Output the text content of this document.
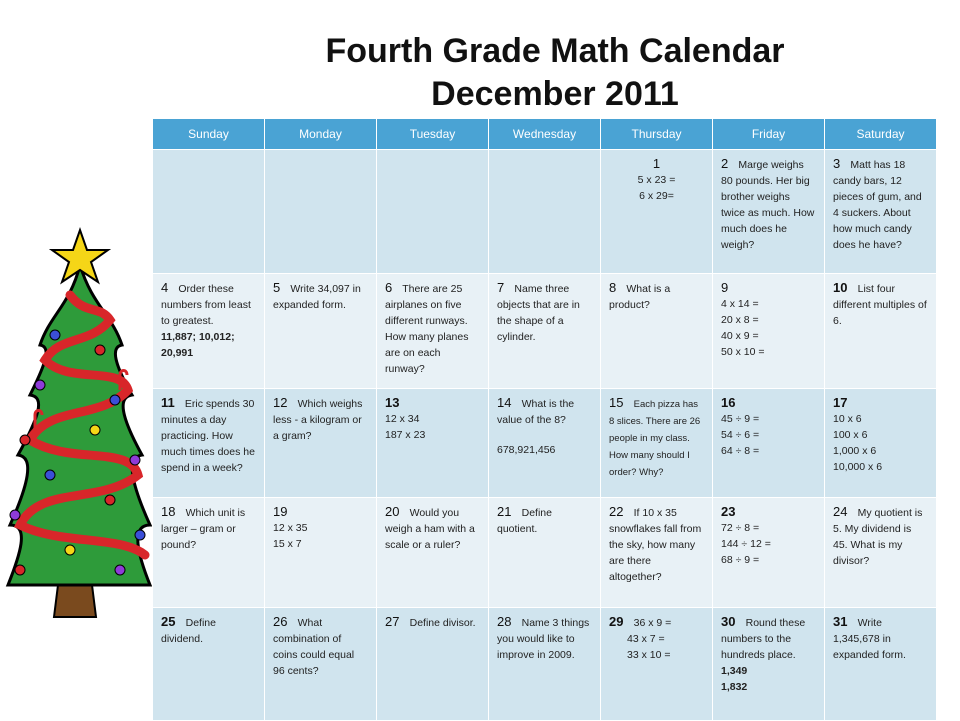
Fourth Grade Math Calendar
December 2011
Sunday	Monday	Tuesday	Wednesday	Thursday	Friday	Saturday

				1
5 x 23 =
6 x 29=	2   Marge weighs 80 pounds. Her big brother weighs twice as much. How much does he weigh?	3   Matt has 18 candy bars, 12 pieces of gum, and 4 suckers. About how much candy does he have?
4   Order these numbers from least to greatest.
11,887; 10,012; 20,991	5   Write 34,097 in expanded form.	6   There are 25 airplanes on five different runways. How many planes are on each runway?	7   Name three objects that are in the shape of a cylinder.	8   What is a product?	9
4 x 14 =
20 x 8 =
40 x 9 =
50 x 10 =	10   List four different multiples of 6.
11   Eric spends 30 minutes a day practicing. How much times does he spend in a week?	12   Which weighs less - a kilogram or a gram?	13
12 x 34
187 x 23	14   What is the value of the 8?
678,921,456	15   Each pizza has 8 slices. There are 26 people in my class. How many should I order? Why?	16
45 ÷ 9 =
54 ÷ 6 =
64 ÷ 8 =	17
10 x 6
100 x 6
1,000 x 6
10,000 x 6

18   Which unit is larger – gram or pound?	19
12 x 35
15 x 7	20   Would you weigh a ham with a scale or a ruler?	21   Define quotient.	22   If 10 x 35 snowflakes fall from the sky, how many are there altogether?	23
72 ÷ 8 =
144 ÷ 12 =
68 ÷ 9 =	24   My quotient is 5. My dividend is 45. What is my divisor?
25   Define dividend.	26   What combination of coins could equal 96 cents?	27   Define divisor.	28   Name 3 things you would like to improve in 2009.	29   36 x 9 =
43 x 7 =
33 x 10 =	30   Round these numbers to the hundreds place.
1,349
1,832	31   Write 1,345,678 in expanded form.
